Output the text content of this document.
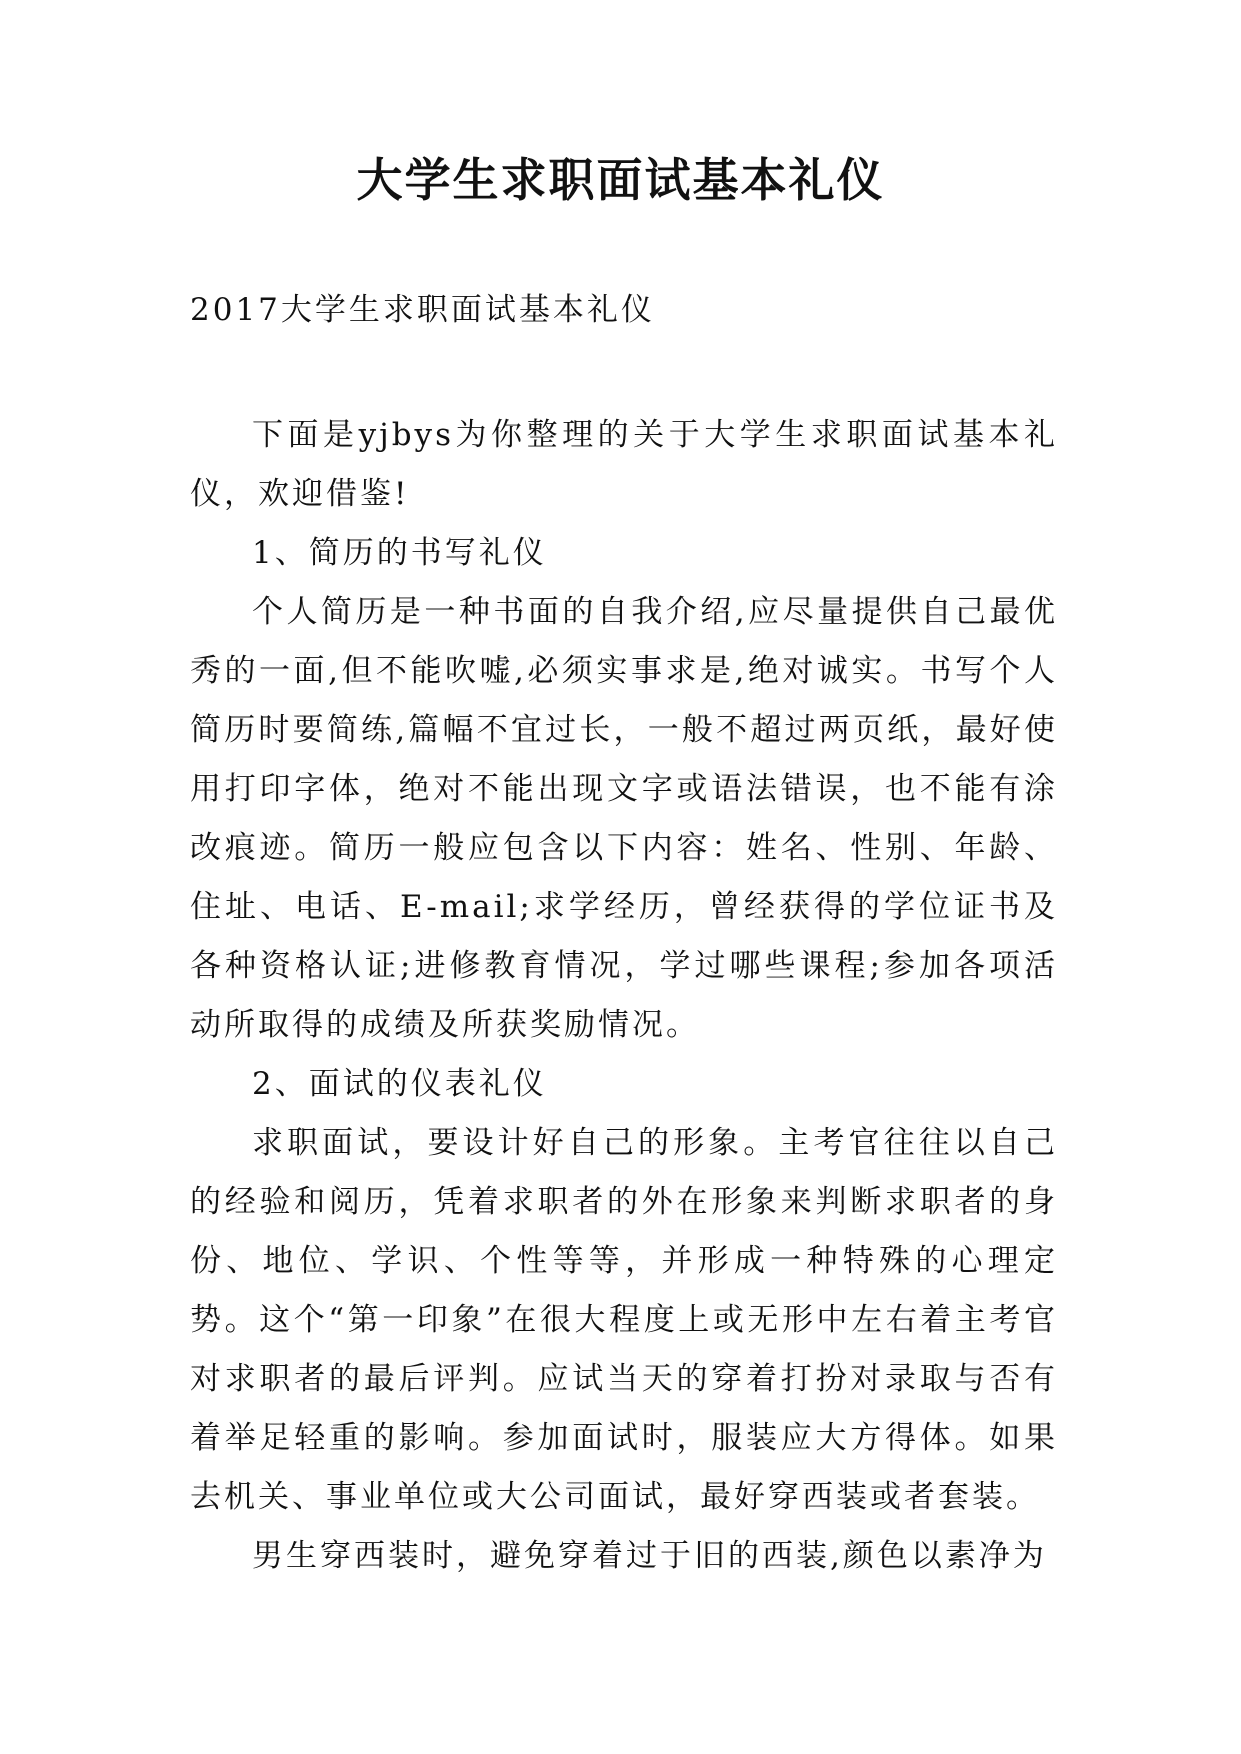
大学生求职面试基本礼仪

2017大学生求职面试基本礼仪

下面是yjbys为你整理的关于大学生求职面试基本礼仪，欢迎借鉴!

1、简历的书写礼仪

个人简历是一种书面的自我介绍,应尽量提供自己最优秀的一面,但不能吹嘘,必须实事求是,绝对诚实。书写个人简历时要简练,篇幅不宜过长，一般不超过两页纸，最好使用打印字体，绝对不能出现文字或语法错误，也不能有涂改痕迹。简历一般应包含以下内容：姓名、性别、年龄、住址、电话、E-mail;求学经历，曾经获得的学位证书及各种资格认证;进修教育情况，学过哪些课程;参加各项活动所取得的成绩及所获奖励情况。

2、面试的仪表礼仪

求职面试，要设计好自己的形象。主考官往往以自己的经验和阅历，凭着求职者的外在形象来判断求职者的身份、地位、学识、个性等等，并形成一种特殊的心理定势。这个“第一印象”在很大程度上或无形中左右着主考官对求职者的最后评判。应试当天的穿着打扮对录取与否有着举足轻重的影响。参加面试时，服装应大方得体。如果去机关、事业单位或大公司面试，最好穿西装或者套装。

男生穿西装时，避免穿着过于旧的西装,颜色以素净为
